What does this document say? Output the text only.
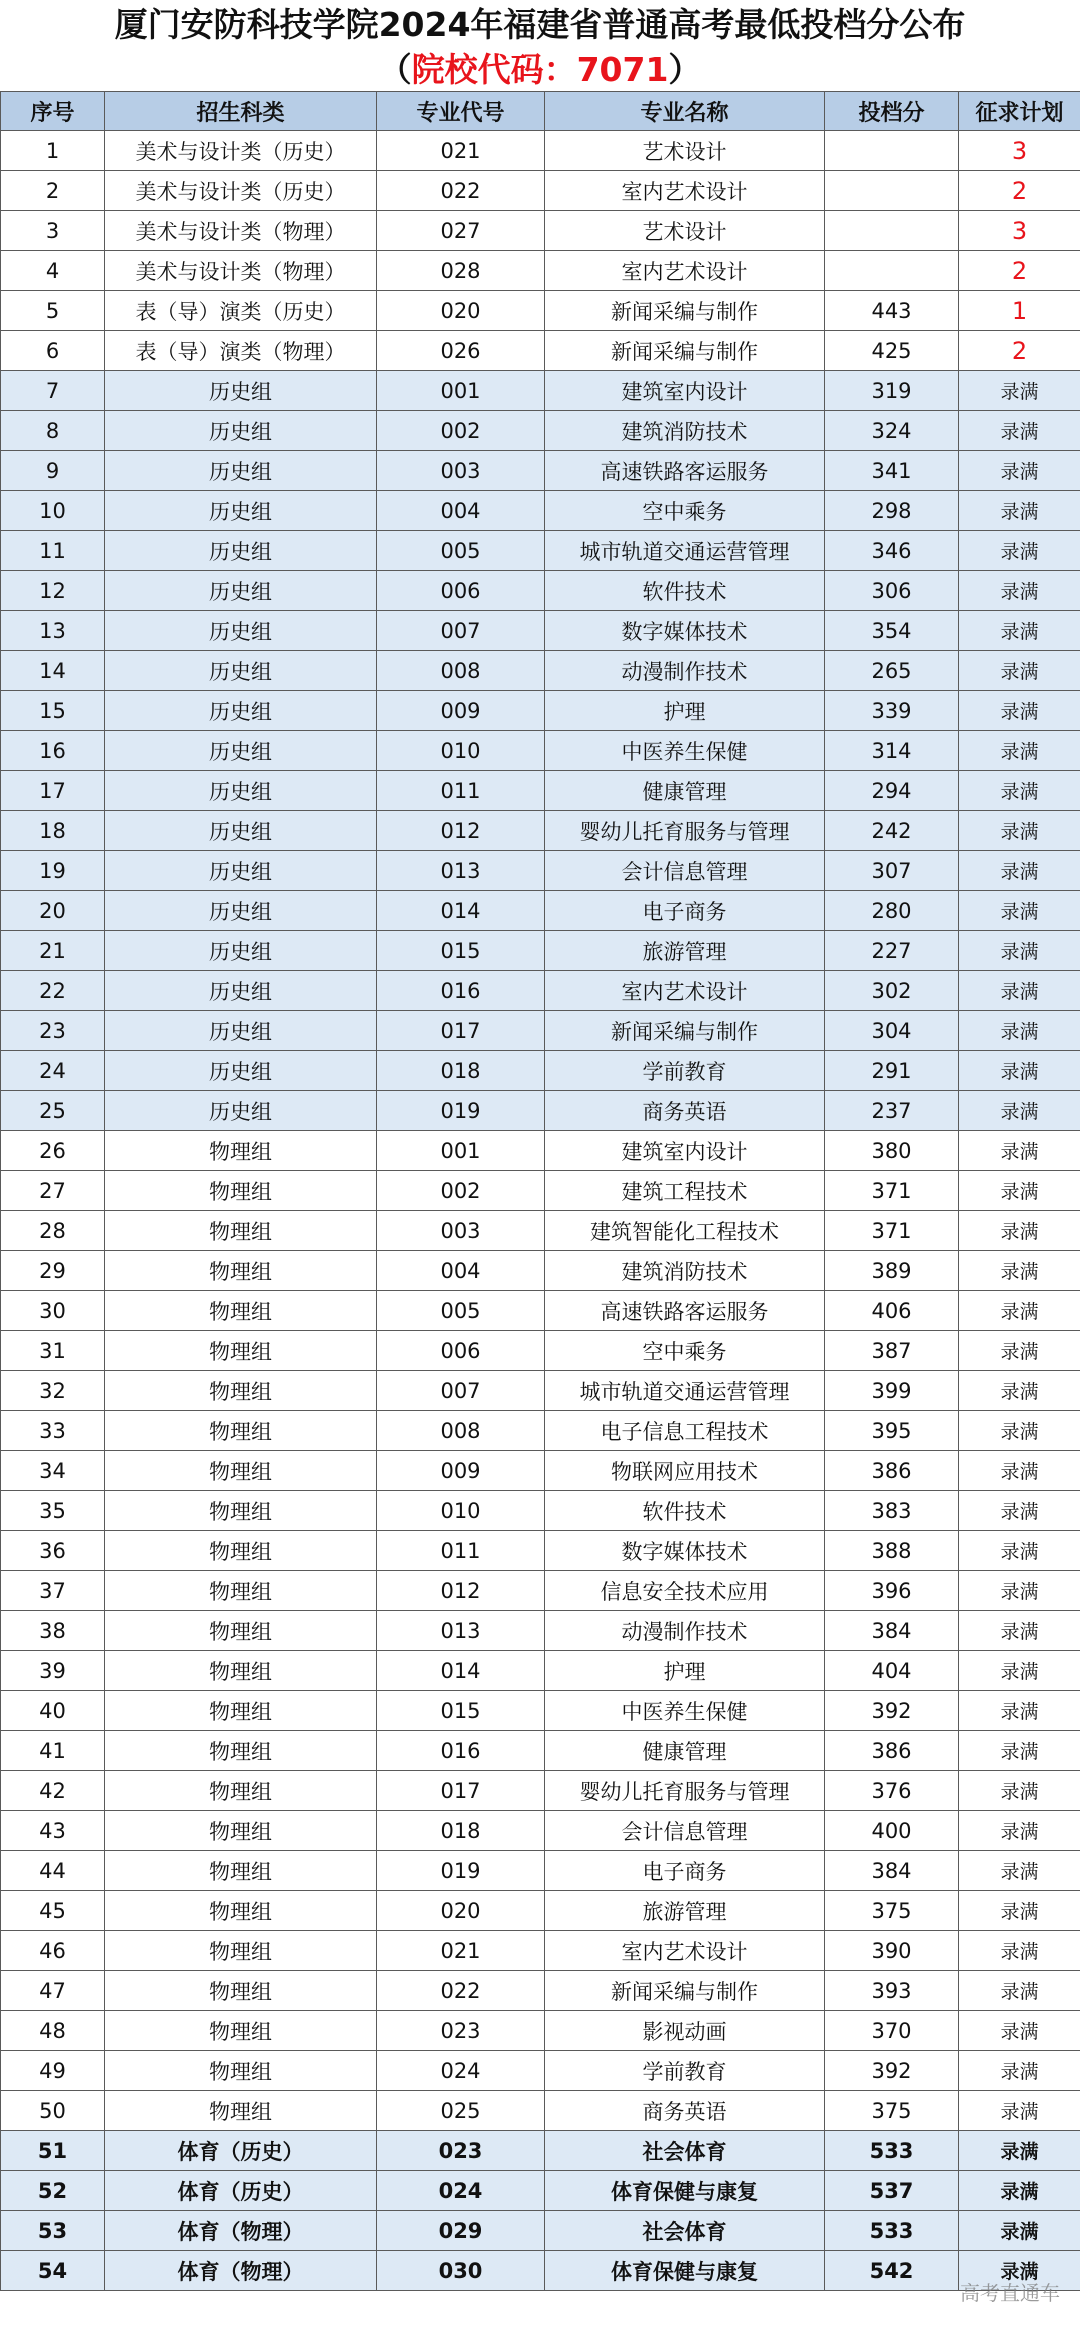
厦门安防科技学院2024年福建省普通高考最低投档分公布
（院校代码：7071）
序号	招生科类	专业代号	专业名称	投档分	征求计划
1	美术与设计类（历史）	021	艺术设计		3
2	美术与设计类（历史）	022	室内艺术设计		2
3	美术与设计类（物理）	027	艺术设计		3
4	美术与设计类（物理）	028	室内艺术设计		2
5	表（导）演类（历史）	020	新闻采编与制作	443	1
6	表（导）演类（物理）	026	新闻采编与制作	425	2
7	历史组	001	建筑室内设计	319	录满
8	历史组	002	建筑消防技术	324	录满
9	历史组	003	高速铁路客运服务	341	录满
10	历史组	004	空中乘务	298	录满
11	历史组	005	城市轨道交通运营管理	346	录满
12	历史组	006	软件技术	306	录满
13	历史组	007	数字媒体技术	354	录满
14	历史组	008	动漫制作技术	265	录满
15	历史组	009	护理	339	录满
16	历史组	010	中医养生保健	314	录满
17	历史组	011	健康管理	294	录满
18	历史组	012	婴幼儿托育服务与管理	242	录满
19	历史组	013	会计信息管理	307	录满
20	历史组	014	电子商务	280	录满
21	历史组	015	旅游管理	227	录满
22	历史组	016	室内艺术设计	302	录满
23	历史组	017	新闻采编与制作	304	录满
24	历史组	018	学前教育	291	录满
25	历史组	019	商务英语	237	录满
26	物理组	001	建筑室内设计	380	录满
27	物理组	002	建筑工程技术	371	录满
28	物理组	003	建筑智能化工程技术	371	录满
29	物理组	004	建筑消防技术	389	录满
30	物理组	005	高速铁路客运服务	406	录满
31	物理组	006	空中乘务	387	录满
32	物理组	007	城市轨道交通运营管理	399	录满
33	物理组	008	电子信息工程技术	395	录满
34	物理组	009	物联网应用技术	386	录满
35	物理组	010	软件技术	383	录满
36	物理组	011	数字媒体技术	388	录满
37	物理组	012	信息安全技术应用	396	录满
38	物理组	013	动漫制作技术	384	录满
39	物理组	014	护理	404	录满
40	物理组	015	中医养生保健	392	录满
41	物理组	016	健康管理	386	录满
42	物理组	017	婴幼儿托育服务与管理	376	录满
43	物理组	018	会计信息管理	400	录满
44	物理组	019	电子商务	384	录满
45	物理组	020	旅游管理	375	录满
46	物理组	021	室内艺术设计	390	录满
47	物理组	022	新闻采编与制作	393	录满
48	物理组	023	影视动画	370	录满
49	物理组	024	学前教育	392	录满
50	物理组	025	商务英语	375	录满
51	体育（历史）	023	社会体育	533	录满
52	体育（历史）	024	体育保健与康复	537	录满
53	体育（物理）	029	社会体育	533	录满
54	体育（物理）	030	体育保健与康复	542	录满
高考直通车
